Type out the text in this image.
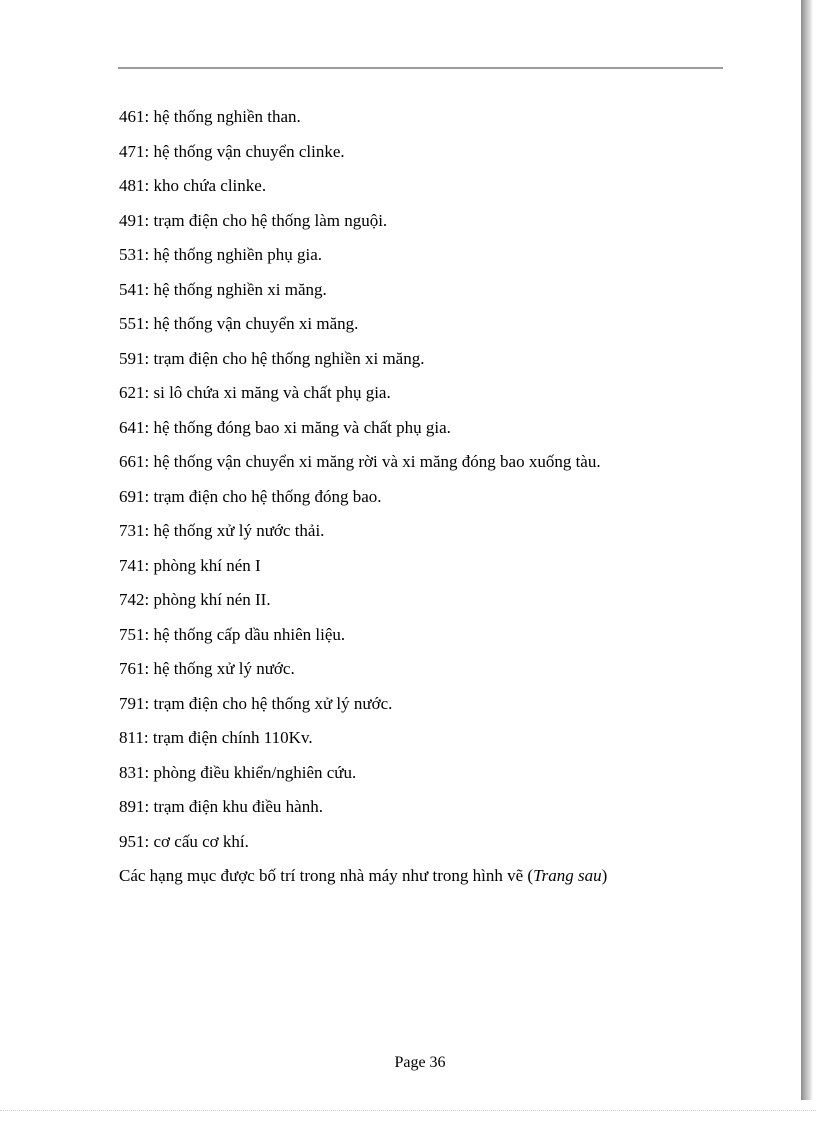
461 : hệ thống nghiền than.
471 : hệ thống vận chuyển clinke.
481 : kho chứa clinke.
491 : trạm điện cho hệ thống làm nguội.
531 : hệ thống nghiền phụ gia.
541 : hệ thống nghiền xi măng.
551 : hệ thống vận chuyển xi măng.
591 : trạm điện cho hệ thống nghiền xi măng.
621 : si lô chứa xi măng và chất phụ gia.
641 : hệ thống đóng bao xi măng và chất phụ gia.
661 : hệ thống vận chuyển xi măng rời và xi măng đóng bao xuống tàu.
691 : trạm điện cho hệ thống đóng bao.
731 : hệ thống xử lý nước thải.
741 : phòng khí nén I
742 : phòng khí nén II.
751 : hệ thống cấp dầu nhiên liệu.
761 : hệ thống xử lý nước.
791 : trạm điện cho hệ thống xử lý nước.
811 : trạm điện chính 110Kv.
831 : phòng điều khiển/nghiên cứu.
891 : trạm điện khu điều hành.
951 : cơ cấu cơ khí.
Các hạng mục được bố trí trong nhà máy như trong hình vẽ (Trang sau)
Page 36
